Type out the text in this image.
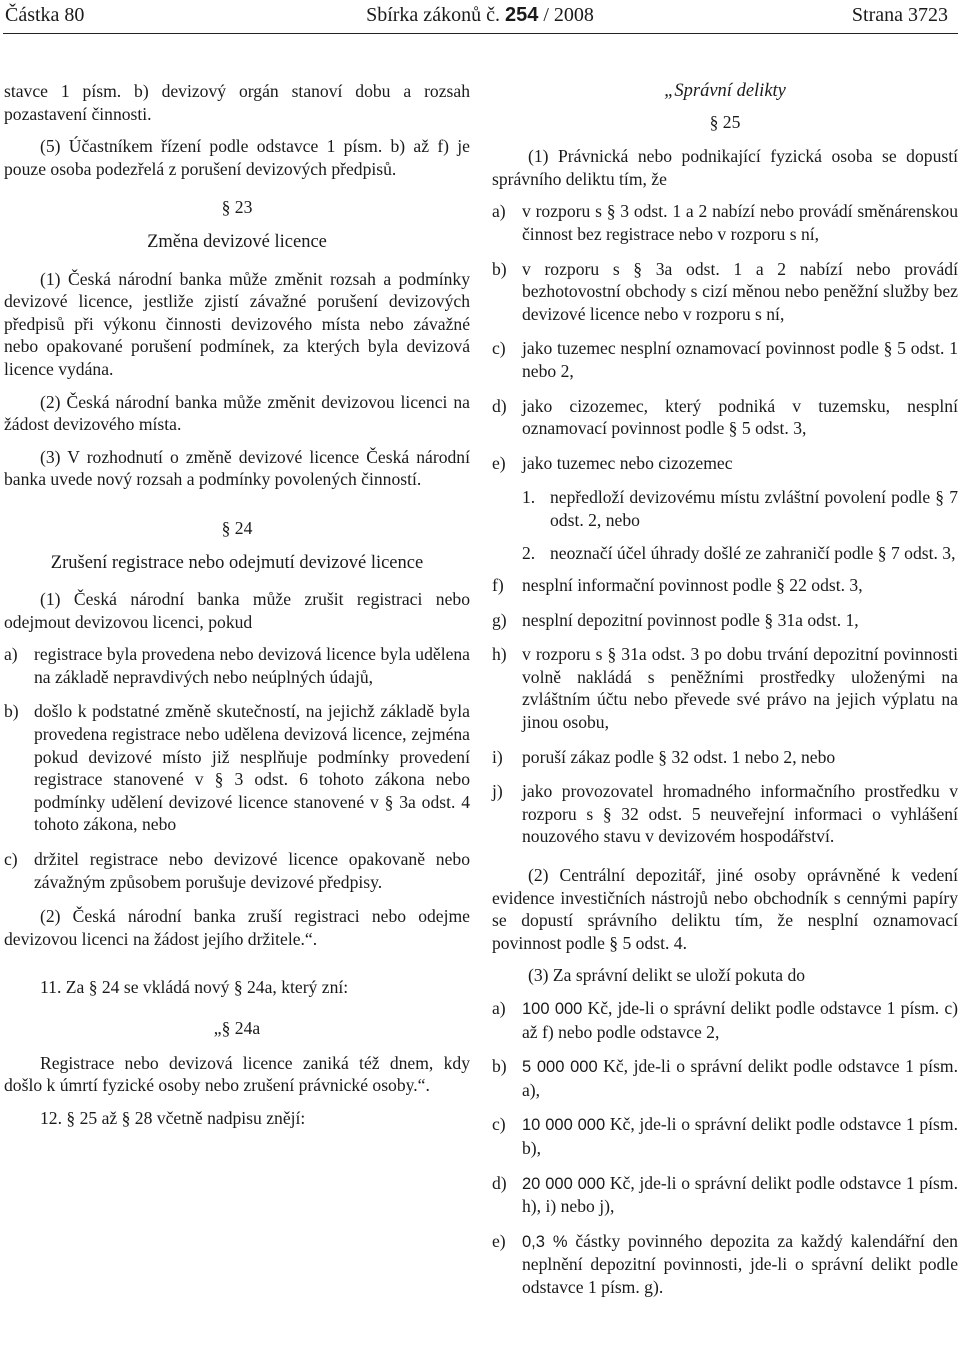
Částka 80	Sbírka zákonů č. 254 / 2008	Strana 3723

stavce 1 písm. b) devizový orgán stanoví dobu a rozsah pozastavení činnosti.

(5) Účastníkem řízení podle odstavce 1 písm. b) až f) je pouze osoba podezřelá z porušení devizových předpisů.

§ 23
Změna devizové licence

(1) Česká národní banka může změnit rozsah a podmínky devizové licence, jestliže zjistí závažné porušení devizových předpisů při výkonu činnosti devizového místa nebo závažné nebo opakované porušení podmínek, za kterých byla devizová licence vydána.

(2) Česká národní banka může změnit devizovou licenci na žádost devizového místa.

(3) V rozhodnutí o změně devizové licence Česká národní banka uvede nový rozsah a podmínky povolených činností.

§ 24
Zrušení registrace nebo odejmutí devizové licence

(1) Česká národní banka může zrušit registraci nebo odejmout devizovou licenci, pokud

a) registrace byla provedena nebo devizová licence byla udělena na základě nepravdivých nebo neúplných údajů,
b) došlo k podstatné změně skutečností, na jejichž základě byla provedena registrace nebo udělena devizová licence, zejména pokud devizové místo již nesplňuje podmínky provedení registrace stanovené v § 3 odst. 6 tohoto zákona nebo podmínky udělení devizové licence stanovené v § 3a odst. 4 tohoto zákona, nebo
c) držitel registrace nebo devizové licence opakovaně nebo závažným způsobem porušuje devizové předpisy.

(2) Česká národní banka zruší registraci nebo odejme devizovou licenci na žádost jejího držitele.“.

11. Za § 24 se vkládá nový § 24a, který zní:

„§ 24a

Registrace nebo devizová licence zaniká též dnem, kdy došlo k úmrtí fyzické osoby nebo zrušení právnické osoby.“.

12. § 25 až § 28 včetně nadpisu znějí:

„Správní delikty
§ 25

(1) Právnická nebo podnikající fyzická osoba se dopustí správního deliktu tím, že

a) v rozporu s § 3 odst. 1 a 2 nabízí nebo provádí směnárenskou činnost bez registrace nebo v rozporu s ní,
b) v rozporu s § 3a odst. 1 a 2 nabízí nebo provádí bezhotovostní obchody s cizí měnou nebo peněžní služby bez devizové licence nebo v rozporu s ní,
c) jako tuzemec nesplní oznamovací povinnost podle § 5 odst. 1 nebo 2,
d) jako cizozemec, který podniká v tuzemsku, nesplní oznamovací povinnost podle § 5 odst. 3,
e) jako tuzemec nebo cizozemec
1. nepředloží devizovému místu zvláštní povolení podle § 7 odst. 2, nebo
2. neoznačí účel úhrady došlé ze zahraničí podle § 7 odst. 3,
f) nesplní informační povinnost podle § 22 odst. 3,
g) nesplní depozitní povinnost podle § 31a odst. 1,
h) v rozporu s § 31a odst. 3 po dobu trvání depozitní povinnosti volně nakládá s peněžními prostředky uloženými na zvláštním účtu nebo převede své právo na jejich výplatu na jinou osobu,
i) poruší zákaz podle § 32 odst. 1 nebo 2, nebo
j) jako provozovatel hromadného informačního prostředku v rozporu s § 32 odst. 5 neuveřejní informaci o vyhlášení nouzového stavu v devizovém hospodářství.

(2) Centrální depozitář, jiné osoby oprávněné k vedení evidence investičních nástrojů nebo obchodník s cennými papíry se dopustí správního deliktu tím, že nesplní oznamovací povinnost podle § 5 odst. 4.

(3) Za správní delikt se uloží pokuta do

a) 100 000 Kč, jde-li o správní delikt podle odstavce 1 písm. c) až f) nebo podle odstavce 2,
b) 5 000 000 Kč, jde-li o správní delikt podle odstavce 1 písm. a),
c) 10 000 000 Kč, jde-li o správní delikt podle odstavce 1 písm. b),
d) 20 000 000 Kč, jde-li o správní delikt podle odstavce 1 písm. h), i) nebo j),
e) 0,3 % částky povinného depozita za každý kalendářní den neplnění depozitní povinnosti, jde-li o správní delikt podle odstavce 1 písm. g).
